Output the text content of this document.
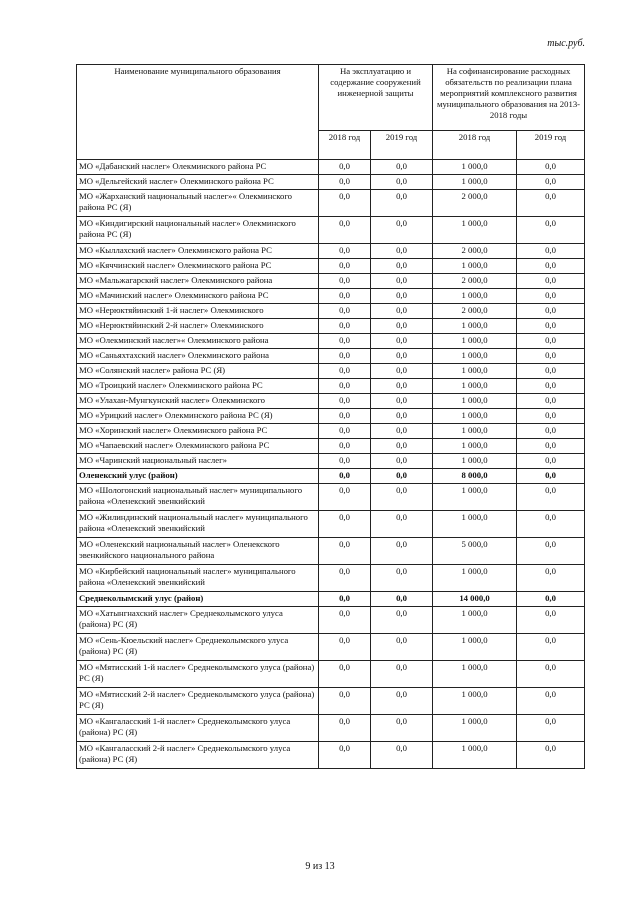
тыс.руб.
Наименование муниципального образования	На эксплуатацию и содержание сооружений инженерной защиты		На софинансирование расходных обязательств по реализации плана мероприятий комплексного развития муниципального образования на 2013-2018 годы	
	2018 год	2019 год	2018 год	2019 год
МО «Дабанский наслег» Олекминского района РС	0,0	0,0	1 000,0	0,0
МО «Дельгейский наслег» Олекминского района РС	0,0	0,0	1 000,0	0,0
МО «Жарханский национальный наслег»« Олекминского района РС (Я)	0,0	0,0	2 000,0	0,0
МО «Киндигирский национальный наслег» Олекминского района РС (Я)	0,0	0,0	1 000,0	0,0
МО «Кыллахский наслег» Олекминского района РС	0,0	0,0	2 000,0	0,0
МО «Кяччинский наслег» Олекминского района РС	0,0	0,0	1 000,0	0,0
МО «Мальжагарский наслег» Олекминского района	0,0	0,0	2 000,0	0,0
МО «Мачинский наслег» Олекминского района РС	0,0	0,0	1 000,0	0,0
МО «Нерюктяйинский 1-й наслег» Олекминского	0,0	0,0	2 000,0	0,0
МО «Нерюктяйинский 2-й наслег» Олекминского	0,0	0,0	1 000,0	0,0
МО «Олекминский наслег»« Олекминского района	0,0	0,0	1 000,0	0,0
МО «Саньяхтахский наслег» Олекминского района	0,0	0,0	1 000,0	0,0
МО «Солянский наслег» района РС (Я)	0,0	0,0	1 000,0	0,0
МО «Троицкий наслег» Олекминского района РС	0,0	0,0	1 000,0	0,0
МО «Улахан-Мунгкунский наслег» Олекминского	0,0	0,0	1 000,0	0,0
МО «Урицкий наслег» Олекминского района РС (Я)	0,0	0,0	1 000,0	0,0
МО «Хоринский наслег» Олекминского района РС	0,0	0,0	1 000,0	0,0
МО «Чапаевский наслег» Олекминского района РС	0,0	0,0	1 000,0	0,0
МО «Чаринский национальный наслег»	0,0	0,0	1 000,0	0,0
Оленекский улус (район)	0,0	0,0	8 000,0	0,0
МО «Шологонский национальный наслег» муниципального района «Оленекский эвенкийский	0,0	0,0	1 000,0	0,0
МО «Жилиндинский национальный наслег» муниципального района «Оленекский эвенкийский	0,0	0,0	1 000,0	0,0
МО «Оленекский национальный наслег» Оленекского эвенкийского национального района	0,0	0,0	5 000,0	0,0
МО «Кирбейский национальный наслег» муниципального района «Оленекский эвенкийский	0,0	0,0	1 000,0	0,0
Среднеколымский улус (район)	0,0	0,0	14 000,0	0,0
МО «Хатынгнахский наслег» Среднеколымского улуса (района) РС (Я)	0,0	0,0	1 000,0	0,0
МО «Сень-Кюельский наслег» Среднеколымского улуса (района) РС (Я)	0,0	0,0	1 000,0	0,0
МО «Мятисский 1-й наслег» Среднеколымского улуса (района) РС (Я)	0,0	0,0	1 000,0	0,0
МО «Мятисский 2-й наслег» Среднеколымского улуса (района) РС (Я)	0,0	0,0	1 000,0	0,0
МО «Кангаласский 1-й наслег» Среднеколымского улуса (района) РС (Я)	0,0	0,0	1 000,0	0,0
МО «Кангаласский 2-й наслег» Среднеколымского улуса (района) РС (Я)	0,0	0,0	1 000,0	0,0
9 из 13
